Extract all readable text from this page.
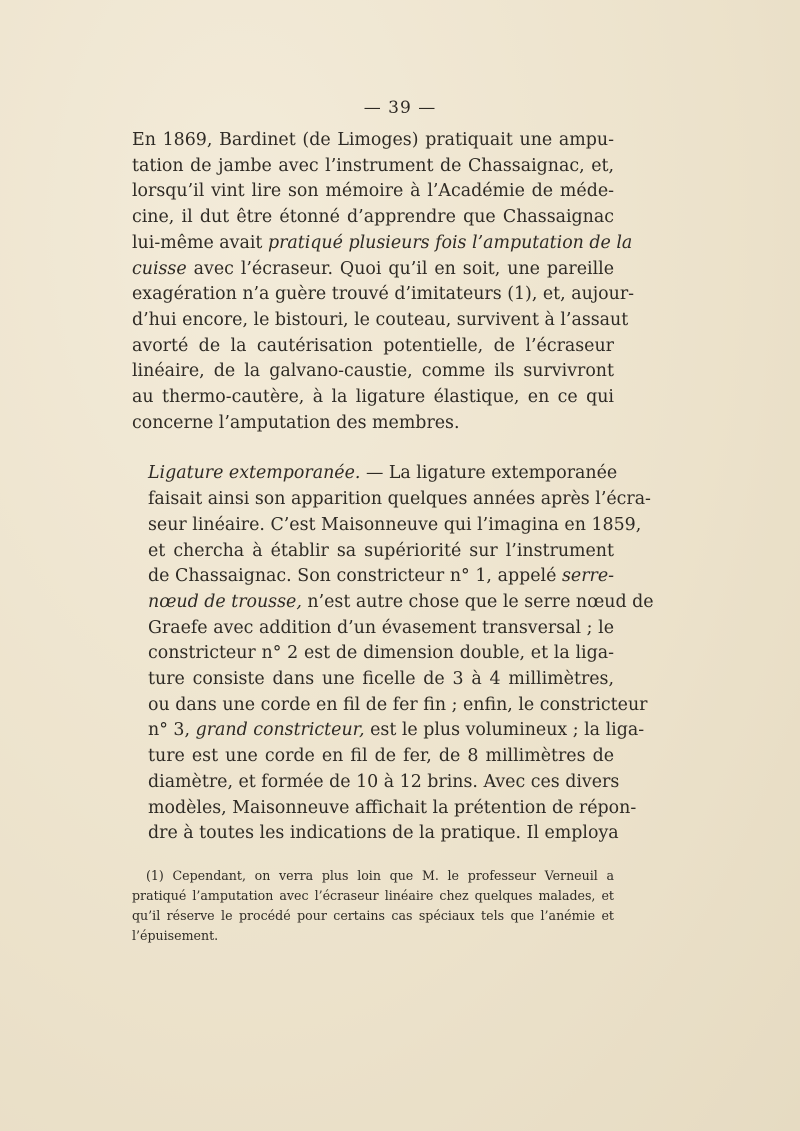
— 39 —

En 1869, Bardinet (de Limoges) pratiquait une ampu-
tation de jambe avec l’instrument de Chassaignac, et,
lorsqu’il vint lire son mémoire à l’Académie de méde-
cine, il dut être étonné d’apprendre que Chassaignac
lui-même avait pratiqué plusieurs fois l’amputation de la
cuisse avec l’écraseur. Quoi qu’il en soit, une pareille
exagération n’a guère trouvé d’imitateurs (1), et, aujour-
d’hui encore, le bistouri, le couteau, survivent à l’assaut
avorté de la cautérisation potentielle, de l’écraseur
linéaire, de la galvano-caustie, comme ils survivront
au thermo-cautère, à la ligature élastique, en ce qui
concerne l’amputation des membres.

Ligature extemporanée. — La ligature extemporanée
faisait ainsi son apparition quelques années après l’écra-
seur linéaire. C’est Maisonneuve qui l’imagina en 1859,
et chercha à établir sa supériorité sur l’instrument
de Chassaignac. Son constricteur n° 1, appelé serre-
nœud de trousse, n’est autre chose que le serre nœud de
Graefe avec addition d’un évasement transversal ; le
constricteur n° 2 est de dimension double, et la liga-
ture consiste dans une ficelle de 3 à 4 millimètres,
ou dans une corde en fil de fer fin ; enfin, le constricteur
n° 3, grand constricteur, est le plus volumineux ; la liga-
ture est une corde en fil de fer, de 8 millimètres de
diamètre, et formée de 10 à 12 brins. Avec ces divers
modèles, Maisonneuve affichait la prétention de répon-
dre à toutes les indications de la pratique. Il employa

(1) Cependant, on verra plus loin que M. le professeur Verneuil a
pratiqué l’amputation avec l’écraseur linéaire chez quelques malades, et
qu’il réserve le procédé pour certains cas spéciaux tels que l’anémie et
l’épuisement.
